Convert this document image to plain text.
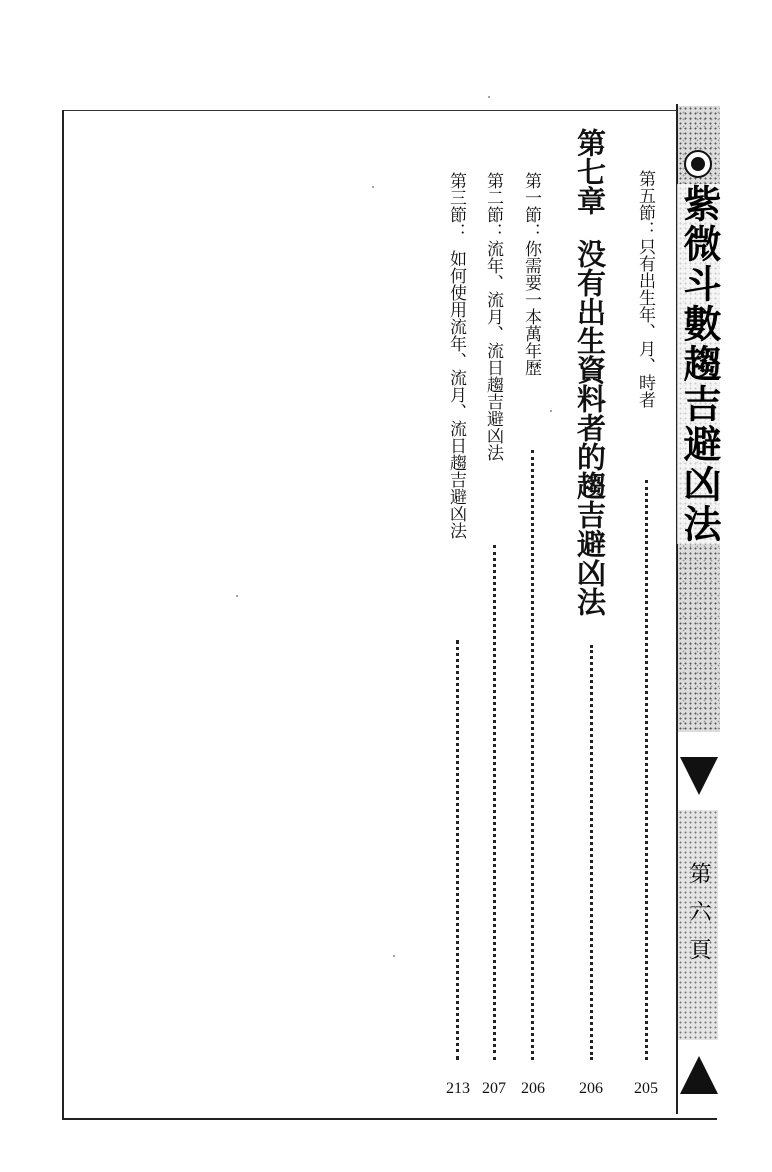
紫微斗數趨吉避凶法
第六頁
第五節：只有出生年、月、時者
205
第七章没有出生資料者的趨吉避凶法
206
第一節：你需要一本萬年歷
206
第二節：流年、流月、流日趨吉避凶法
207
第三節：如何使用流年、流月、流日趨吉避凶法
213
